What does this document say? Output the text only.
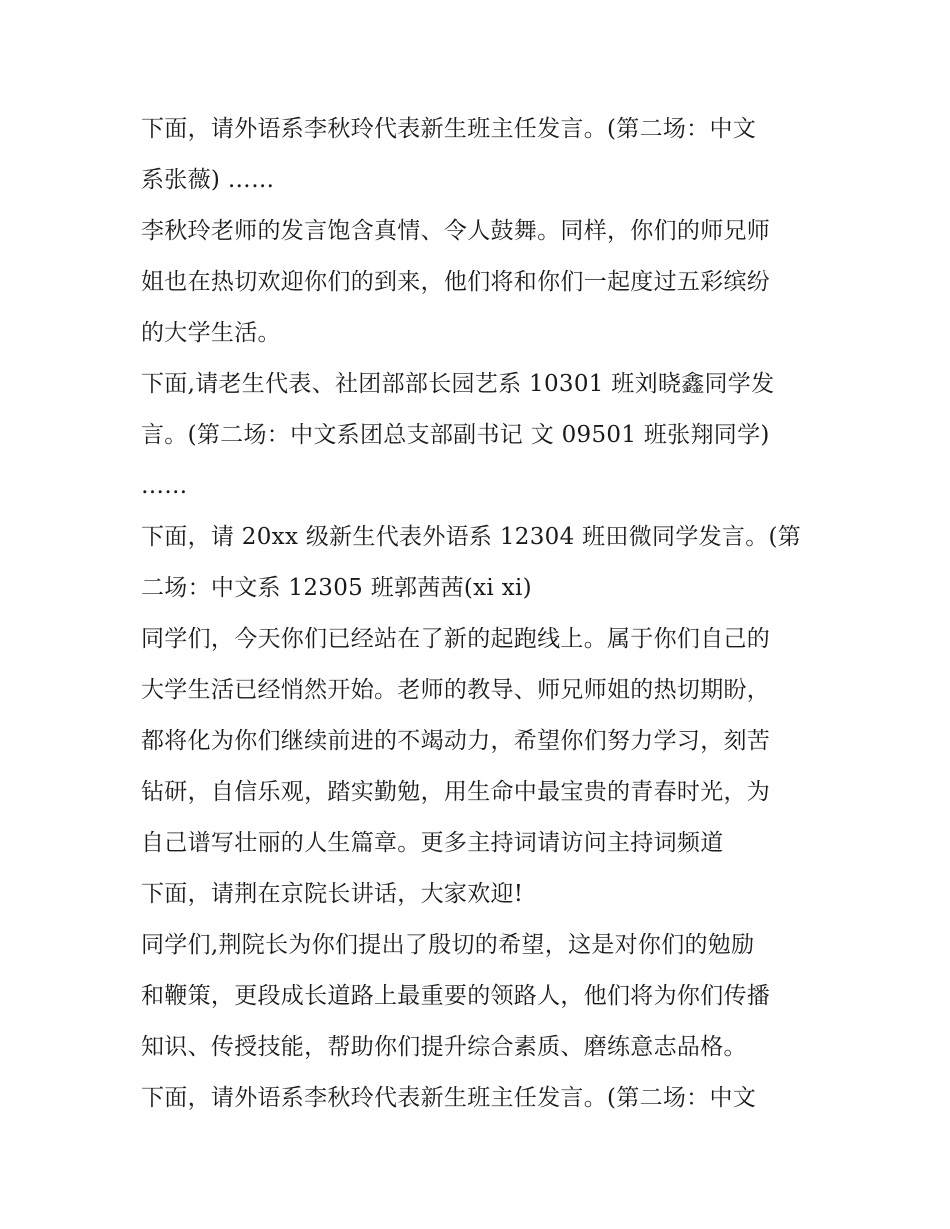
下面，请外语系李秋玲代表新生班主任发言。(第二场：中文
系张薇) ……
李秋玲老师的发言饱含真情、令人鼓舞。同样，你们的师兄师
姐也在热切欢迎你们的到来，他们将和你们一起度过五彩缤纷
的大学生活。
下面,请老生代表、社团部部长园艺系 10301 班刘晓鑫同学发
言。(第二场：中文系团总支部副书记 文 09501 班张翔同学)
……
下面，请 20xx 级新生代表外语系 12304 班田微同学发言。(第
二场：中文系 12305 班郭茜茜(xi xi)
同学们，今天你们已经站在了新的起跑线上。属于你们自己的
大学生活已经悄然开始。老师的教导、师兄师姐的热切期盼，
都将化为你们继续前进的不竭动力，希望你们努力学习，刻苦
钻研，自信乐观，踏实勤勉，用生命中最宝贵的青春时光，为
自己谱写壮丽的人生篇章。更多主持词请访问主持词频道
下面，请荆在京院长讲话，大家欢迎!
同学们,荆院长为你们提出了殷切的希望，这是对你们的勉励
和鞭策，更段成长道路上最重要的领路人，他们将为你们传播
知识、传授技能，帮助你们提升综合素质、磨练意志品格。
下面，请外语系李秋玲代表新生班主任发言。(第二场：中文
